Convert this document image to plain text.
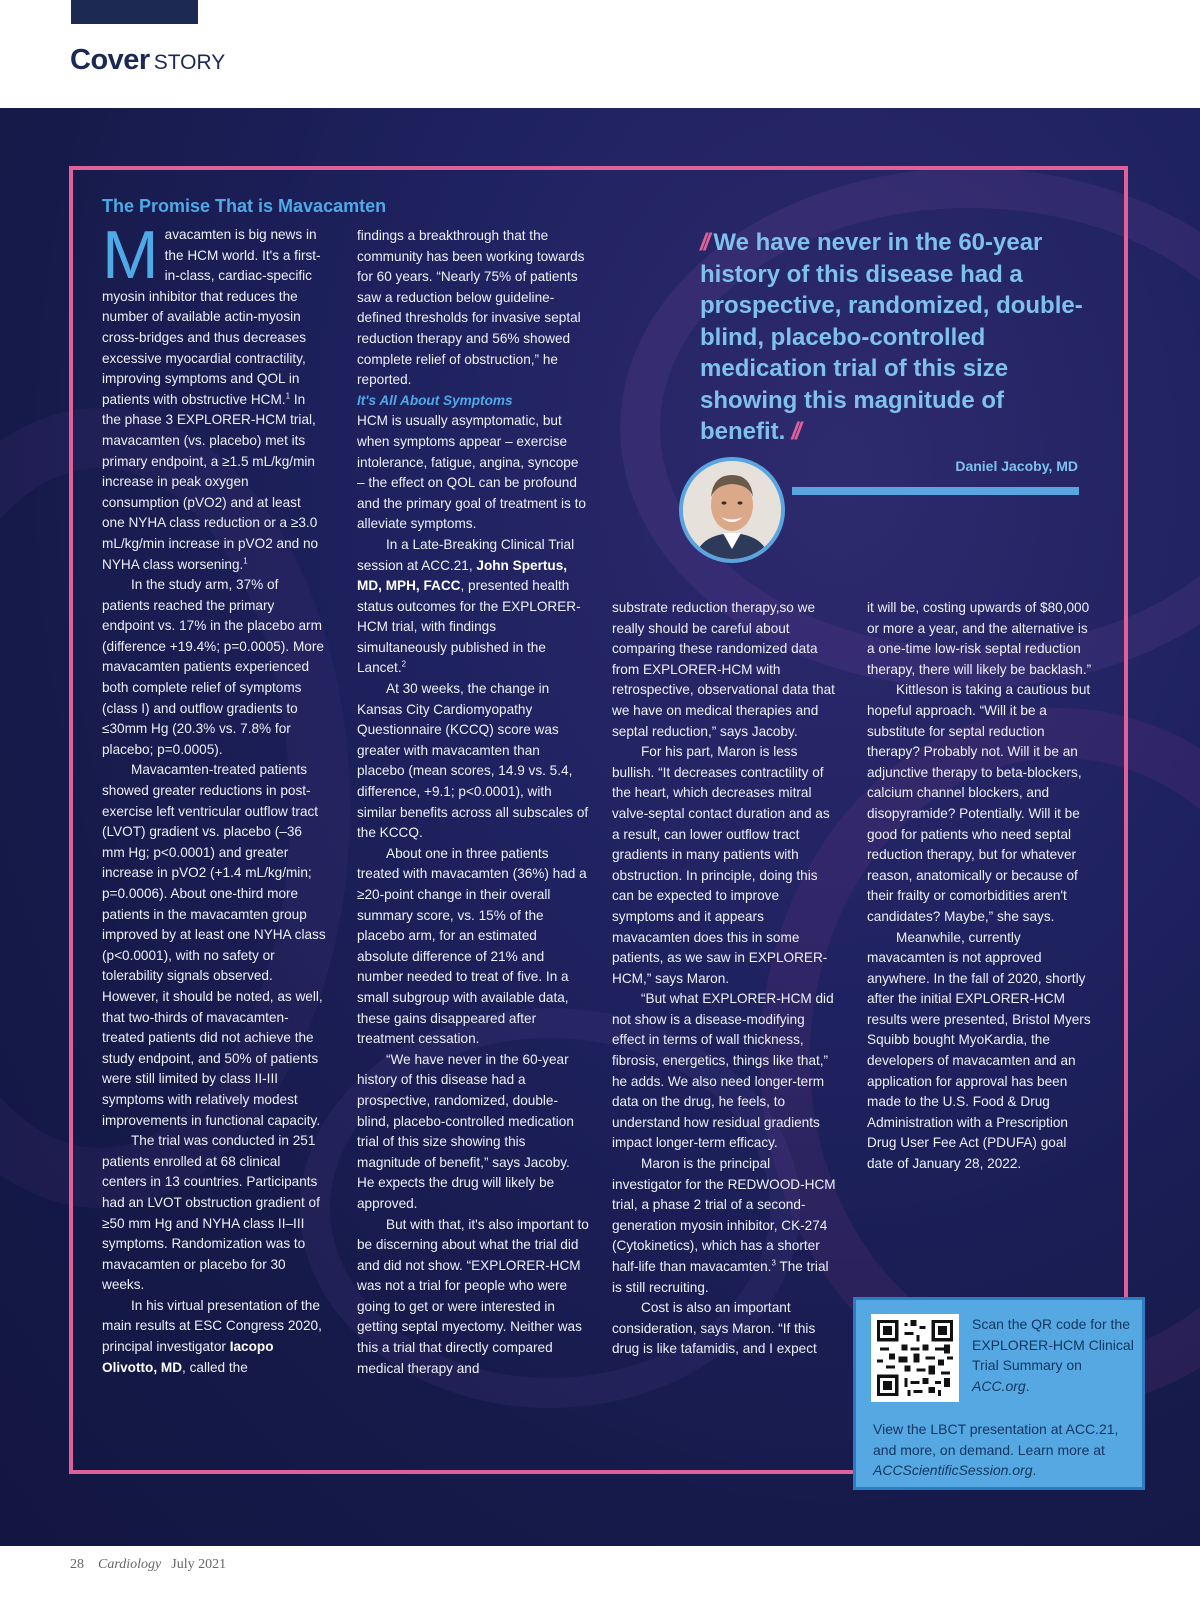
Cover STORY
The Promise That is Mavacamten

Mavacamten is big news in the HCM world. It's a first-in-class, cardiac-specific myosin inhibitor that reduces the number of available actin-myosin cross-bridges and thus decreases excessive myocardial contractility, improving symptoms and QOL in patients with obstructive HCM.$^1$ In the phase 3 EXPLORER-HCM trial, mavacamten (vs. placebo) met its primary endpoint, a ≥1.5 mL/kg/min increase in peak oxygen consumption (pVO2) and at least one NYHA class reduction or a ≥3.0 mL/kg/min increase in pVO2 and no NYHA class worsening.$^1$

In the study arm, 37% of patients reached the primary endpoint vs. 17% in the placebo arm (difference +19.4%; p=0.0005). More mavacamten patients experienced both complete relief of symptoms (class I) and outflow gradients to ≤30mm Hg (20.3% vs. 7.8% for placebo; p=0.0005).

Mavacamten-treated patients showed greater reductions in post-exercise left ventricular outflow tract (LVOT) gradient vs. placebo (–36 mm Hg; p<0.0001) and greater increase in pVO2 (+1.4 mL/kg/min; p=0.0006). About one-third more patients in the mavacamten group improved by at least one NYHA class (p<0.0001), with no safety or tolerability signals observed. However, it should be noted, as well, that two-thirds of mavacamten-treated patients did not achieve the study endpoint, and 50% of patients were still limited by class II-III symptoms with relatively modest improvements in functional capacity.

The trial was conducted in 251 patients enrolled at 68 clinical centers in 13 countries. Participants had an LVOT obstruction gradient of ≥50 mm Hg and NYHA class II–III symptoms. Randomization was to mavacamten or placebo for 30 weeks.

In his virtual presentation of the main results at ESC Congress 2020, principal investigator Iacopo Olivotto, MD, called the

findings a breakthrough that the community has been working towards for 60 years. “Nearly 75% of patients saw a reduction below guideline-defined thresholds for invasive septal reduction therapy and 56% showed complete relief of obstruction,” he reported.

It's All About Symptoms

HCM is usually asymptomatic, but when symptoms appear – exercise intolerance, fatigue, angina, syncope – the effect on QOL can be profound and the primary goal of treatment is to alleviate symptoms.

In a Late-Breaking Clinical Trial session at ACC.21, John Spertus, MD, MPH, FACC, presented health status outcomes for the EXPLORER-HCM trial, with findings simultaneously published in the Lancet.$^2$

At 30 weeks, the change in Kansas City Cardiomyopathy Questionnaire (KCCQ) score was greater with mavacamten than placebo (mean scores, 14.9 vs. 5.4, difference, +9.1; p<0.0001), with similar benefits across all subscales of the KCCQ.

About one in three patients treated with mavacamten (36%) had a ≥20-point change in their overall summary score, vs. 15% of the placebo arm, for an estimated absolute difference of 21% and number needed to treat of five. In a small subgroup with available data, these gains disappeared after treatment cessation.

“We have never in the 60-year history of this disease had a prospective, randomized, double-blind, placebo-controlled medication trial of this size showing this magnitude of benefit,” says Jacoby. He expects the drug will likely be approved.

But with that, it's also important to be discerning about what the trial did and did not show. “EXPLORER-HCM was not a trial for people who were going to get or were interested in getting septal myectomy. Neither was this a trial that directly compared medical therapy and

// We have never in the 60-year history of this disease had a prospective, randomized, double-blind, placebo-controlled medication trial of this size showing this magnitude of benefit. //
Daniel Jacoby, MD

substrate reduction therapy,so we really should be careful about comparing these randomized data from EXPLORER-HCM with retrospective, observational data that we have on medical therapies and septal reduction,” says Jacoby.

For his part, Maron is less bullish. “It decreases contractility of the heart, which decreases mitral valve-septal contact duration and as a result, can lower outflow tract gradients in many patients with obstruction. In principle, doing this can be expected to improve symptoms and it appears mavacamten does this in some patients, as we saw in EXPLORER-HCM,” says Maron.

“But what EXPLORER-HCM did not show is a disease-modifying effect in terms of wall thickness, fibrosis, energetics, things like that,” he adds. We also need longer-term data on the drug, he feels, to understand how residual gradients impact longer-term efficacy.

Maron is the principal investigator for the REDWOOD-HCM trial, a phase 2 trial of a second-generation myosin inhibitor, CK-274 (Cytokinetics), which has a shorter half-life than mavacamten.$^3$ The trial is still recruiting.

Cost is also an important consideration, says Maron. “If this drug is like tafamidis, and I expect

it will be, costing upwards of $80,000 or more a year, and the alternative is a one-time low-risk septal reduction therapy, there will likely be backlash.”

Kittleson is taking a cautious but hopeful approach. “Will it be a substitute for septal reduction therapy? Probably not. Will it be an adjunctive therapy to beta-blockers, calcium channel blockers, and disopyramide? Potentially. Will it be good for patients who need septal reduction therapy, but for whatever reason, anatomically or because of their frailty or comorbidities aren't candidates? Maybe,” she says.

Meanwhile, currently mavacamten is not approved anywhere. In the fall of 2020, shortly after the initial EXPLORER-HCM results were presented, Bristol Myers Squibb bought MyoKardia, the developers of mavacamten and an application for approval has been made to the U.S. Food & Drug Administration with a Prescription Drug User Fee Act (PDUFA) goal date of January 28, 2022.

Scan the QR code for the EXPLORER-HCM Clinical Trial Summary on ACC.org.
View the LBCT presentation at ACC.21, and more, on demand. Learn more at ACCScientificSession.org.
28 Cardiology July 2021
